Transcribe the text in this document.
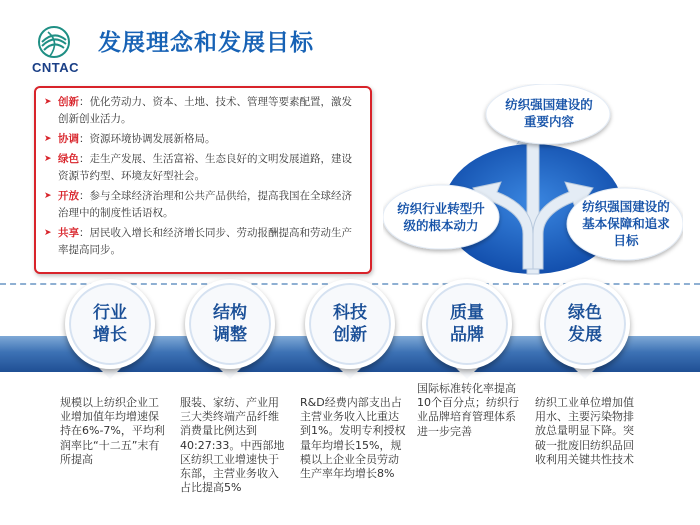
CNTAC
发展理念和发展目标
➤ 创新：优化劳动力、资本、土地、技术、管理等要素配置，激发创新创业活力。
➤ 协调：资源环境协调发展新格局。
➤ 绿色：走生产发展、生活富裕、生态良好的文明发展道路，建设资源节约型、环境友好型社会。
➤ 开放：参与全球经济治理和公共产品供给，提高我国在全球经济治理中的制度性话语权。
➤ 共享：居民收入增长和经济增长同步、劳动报酬提高和劳动生产率提高同步。
纺织强国建设的重要内容
纺织行业转型升级的根本动力
纺织强国建设的基本保障和追求目标
行业
增长
规模以上纺织企业工业增加值年均增速保持在6%-7%，平均利润率比“十二五”末有所提高
结构
调整
服装、家纺、产业用三大类终端产品纤维消费量比例达到40:27:33。中西部地区纺织工业增速快于东部，主营业务收入占比提高5%
科技
创新
R&D经费内部支出占主营业务收入比重达到1%。发明专利授权量年均增长15%，规模以上企业全员劳动生产率年均增长8%
质量
品牌
国际标准转化率提高10个百分点；纺织行业品牌培育管理体系进一步完善
绿色
发展
纺织工业单位增加值用水、主要污染物排放总量明显下降。突破一批废旧纺织品回收利用关键共性技术
